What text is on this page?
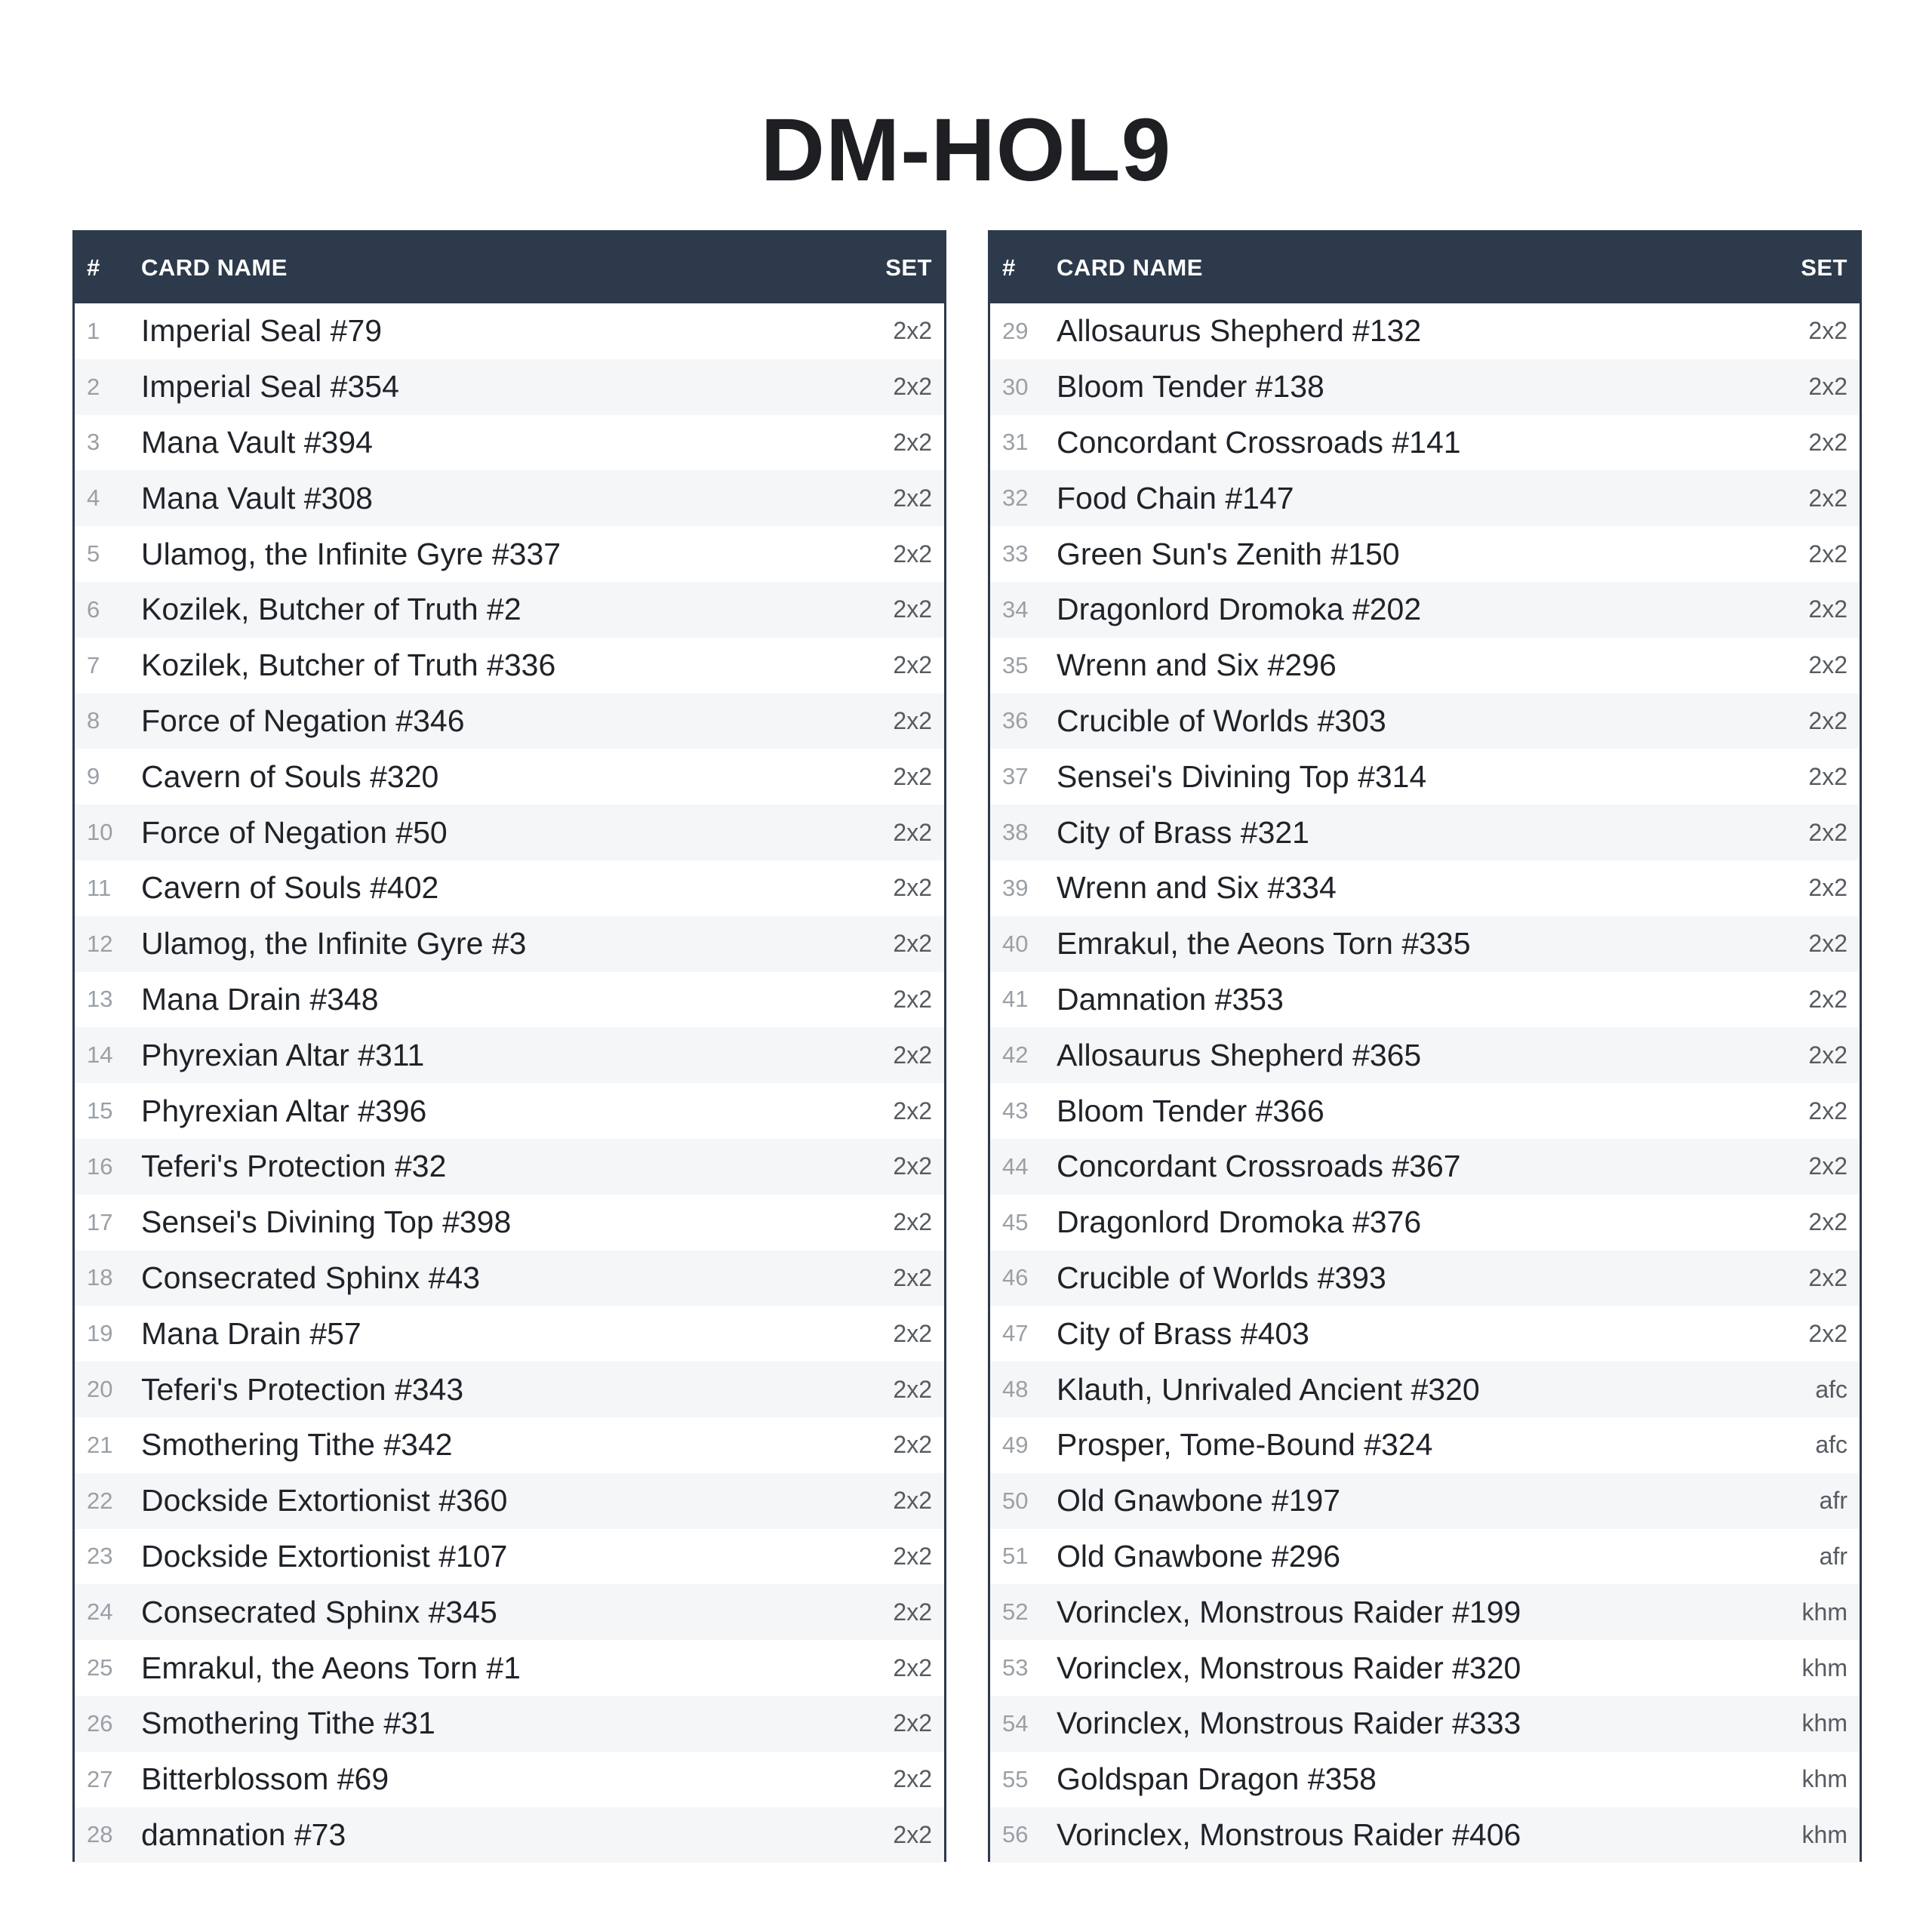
DM-HOL9
#	CARD NAME	SET
1	Imperial Seal #79	2x2
2	Imperial Seal #354	2x2
3	Mana Vault #394	2x2
4	Mana Vault #308	2x2
5	Ulamog, the Infinite Gyre #337	2x2
6	Kozilek, Butcher of Truth #2	2x2
7	Kozilek, Butcher of Truth #336	2x2
8	Force of Negation #346	2x2
9	Cavern of Souls #320	2x2
10 Force of Negation #50	2x2
11 Cavern of Souls #402	2x2
12 Ulamog, the Infinite Gyre #3	2x2
13 Mana Drain #348	2x2
14 Phyrexian Altar #311	2x2
15 Phyrexian Altar #396	2x2
16 Teferi's Protection #32	2x2
17 Sensei's Divining Top #398	2x2
18 Consecrated Sphinx #43	2x2
19 Mana Drain #57	2x2
20 Teferi's Protection #343	2x2
21 Smothering Tithe #342	2x2
22 Dockside Extortionist #360	2x2
23 Dockside Extortionist #107	2x2
24 Consecrated Sphinx #345	2x2
25 Emrakul, the Aeons Torn #1	2x2
26 Smothering Tithe #31	2x2
27 Bitterblossom #69	2x2
28 damnation #73	2x2
#	CARD NAME	SET
29 Allosaurus Shepherd #132	2x2
30 Bloom Tender #138	2x2
31 Concordant Crossroads #141	2x2
32 Food Chain #147	2x2
33 Green Sun's Zenith #150	2x2
34 Dragonlord Dromoka #202	2x2
35 Wrenn and Six #296	2x2
36 Crucible of Worlds #303	2x2
37 Sensei's Divining Top #314	2x2
38 City of Brass #321	2x2
39 Wrenn and Six #334	2x2
40 Emrakul, the Aeons Torn #335	2x2
41 Damnation #353	2x2
42 Allosaurus Shepherd #365	2x2
43 Bloom Tender #366	2x2
44 Concordant Crossroads #367	2x2
45 Dragonlord Dromoka #376	2x2
46 Crucible of Worlds #393	2x2
47 City of Brass #403	2x2
48 Klauth, Unrivaled Ancient #320	afc
49 Prosper, Tome-Bound #324	afc
50 Old Gnawbone #197	afr
51 Old Gnawbone #296	afr
52 Vorinclex, Monstrous Raider #199	khm
53 Vorinclex, Monstrous Raider #320	khm
54 Vorinclex, Monstrous Raider #333	khm
55 Goldspan Dragon #358	khm
56 Vorinclex, Monstrous Raider #406	khm
